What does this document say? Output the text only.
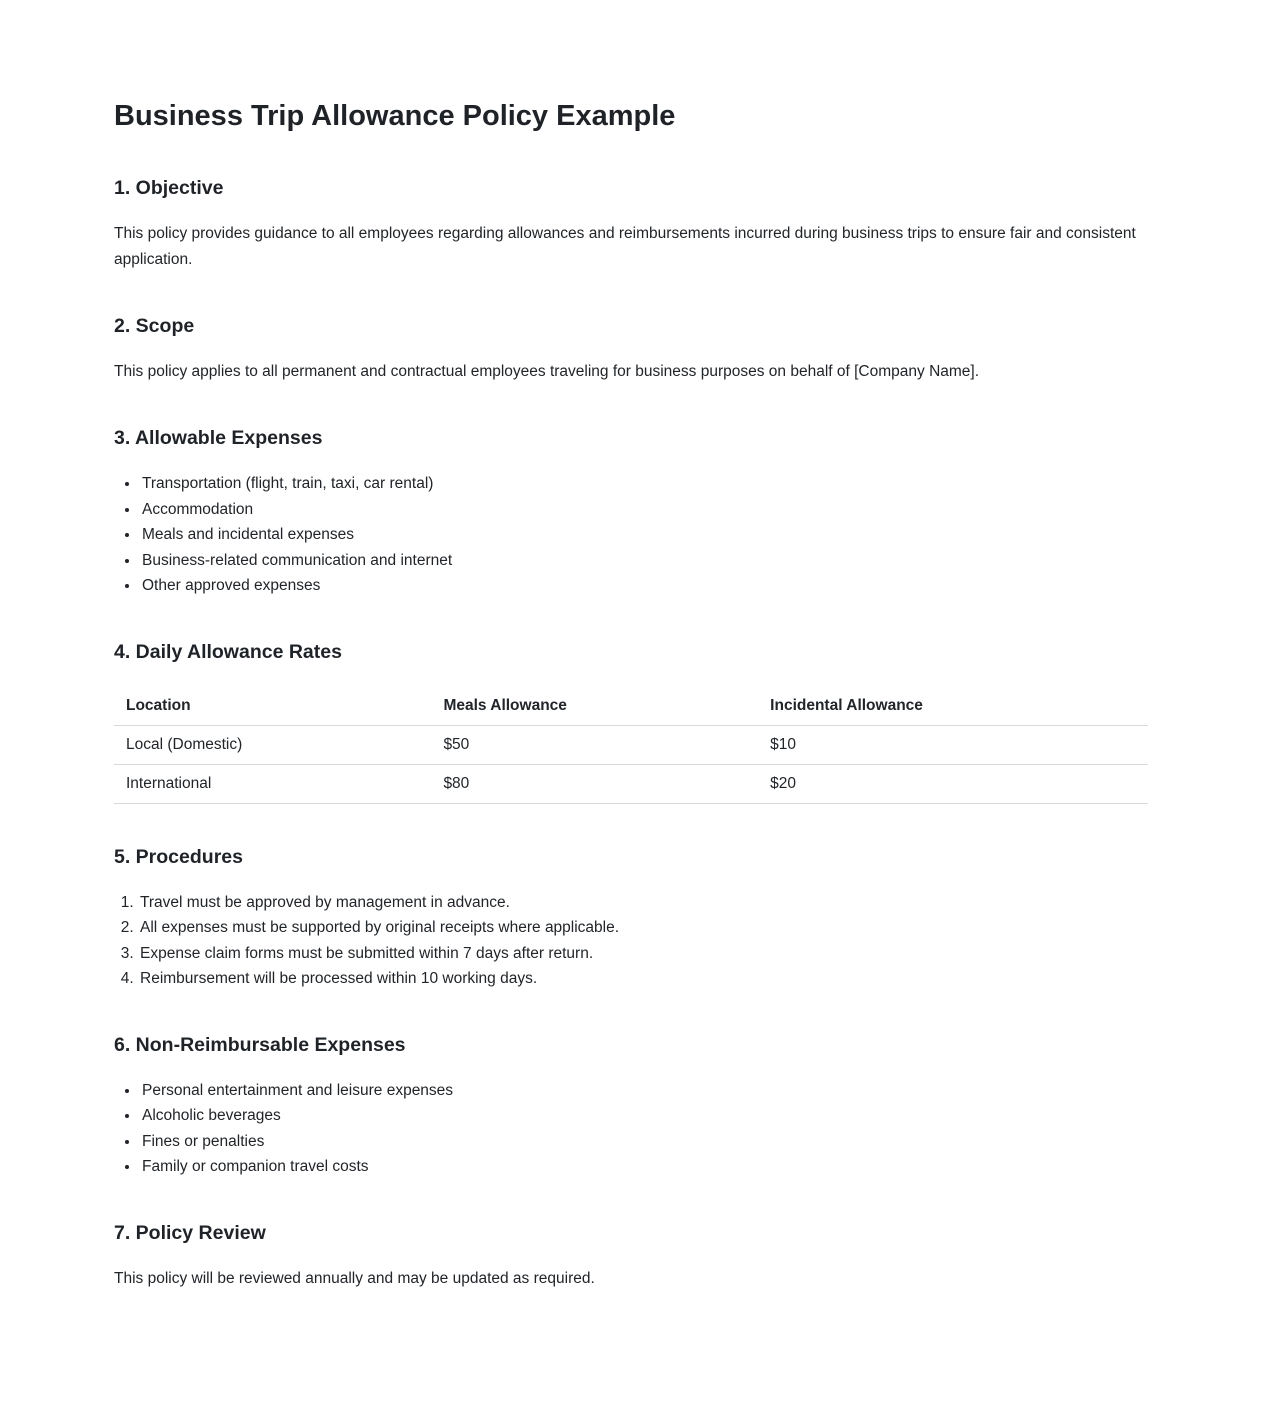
Business Trip Allowance Policy Example
1. Objective

This policy provides guidance to all employees regarding allowances and reimbursements incurred during business trips to ensure fair and consistent application.

2. Scope

This policy applies to all permanent and contractual employees traveling for business purposes on behalf of [Company Name].

3. Allowable Expenses
• Transportation (flight, train, taxi, car rental)
• Accommodation
• Meals and incidental expenses
• Business-related communication and internet
• Other approved expenses
4. Daily Allowance Rates
Location	Meals Allowance	Incidental Allowance
Local (Domestic)	$50	$10
International	$80	$20
5. Procedures
1. Travel must be approved by management in advance.
2. All expenses must be supported by original receipts where applicable.
3. Expense claim forms must be submitted within 7 days after return.
4. Reimbursement will be processed within 10 working days.
6. Non-Reimbursable Expenses
• Personal entertainment and leisure expenses
• Alcoholic beverages
• Fines or penalties
• Family or companion travel costs
7. Policy Review

This policy will be reviewed annually and may be updated as required.
